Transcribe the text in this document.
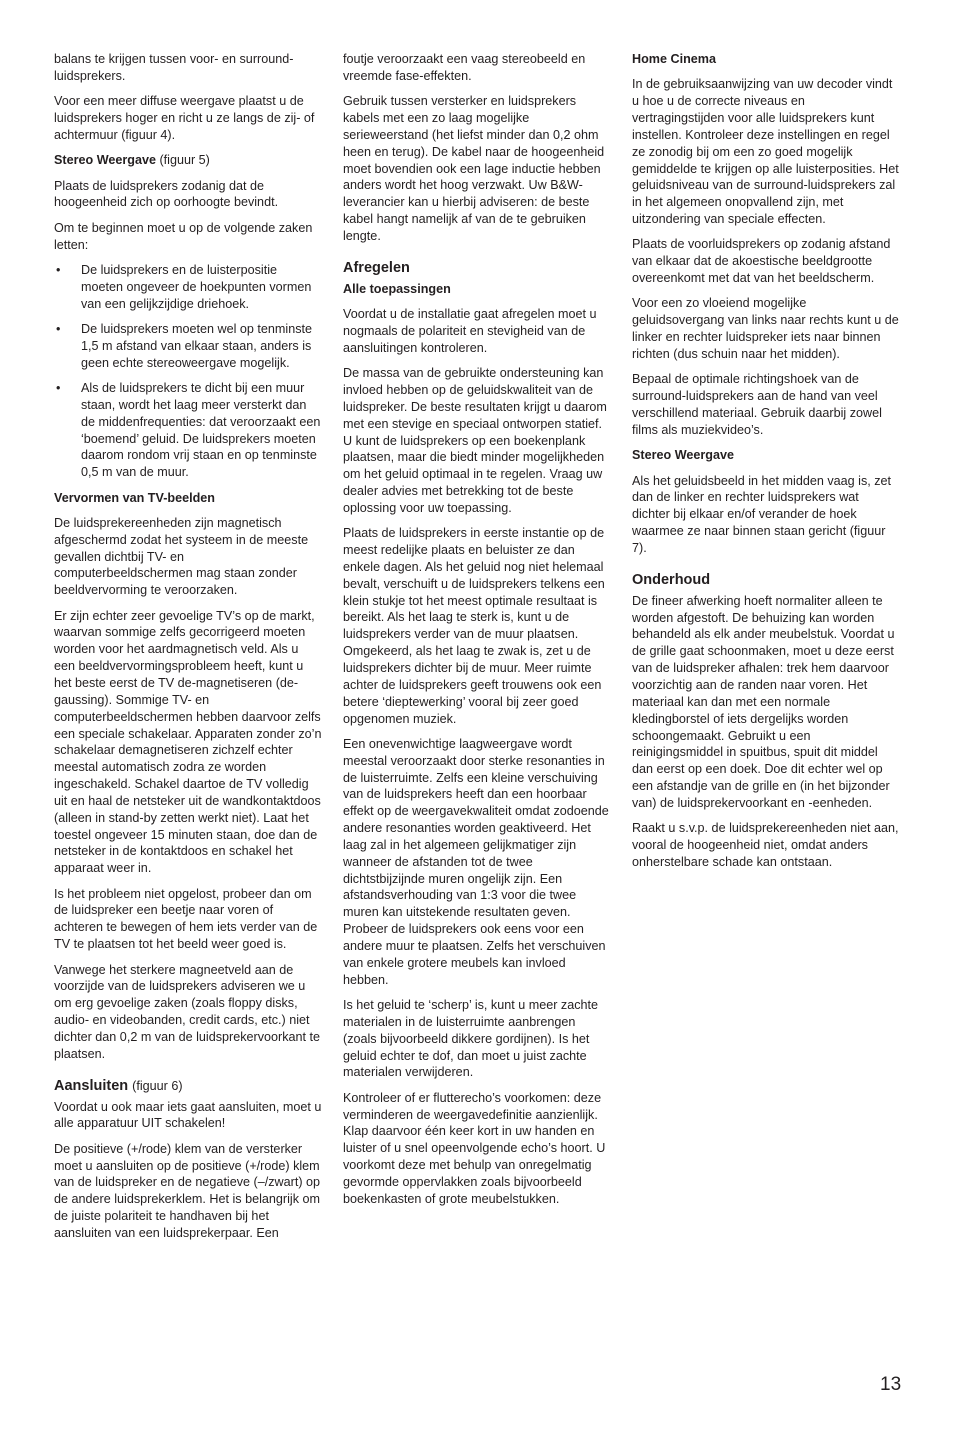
balans te krijgen tussen voor- en surround-luidsprekers.

Voor een meer diffuse weergave plaatst u de luidsprekers hoger en richt u ze langs de zij- of achtermuur (figuur 4).

Stereo Weergave (figuur 5)

Plaats de luidsprekers zodanig dat de hoogeenheid zich op oorhoogte bevindt.

Om te beginnen moet u op de volgende zaken letten:

• De luidsprekers en de luisterpositie moeten ongeveer de hoekpunten vormen van een gelijkzijdige driehoek.
• De luidsprekers moeten wel op tenminste 1,5 m afstand van elkaar staan, anders is geen echte stereoweergave mogelijk.
• Als de luidsprekers te dicht bij een muur staan, wordt het laag meer versterkt dan de middenfrequenties: dat veroorzaakt een ‘boemend’ geluid. De luidsprekers moeten daarom rondom vrij staan en op tenminste 0,5 m van de muur.
Vervormen van TV-beelden

De luidsprekereenheden zijn magnetisch afgeschermd zodat het systeem in de meeste gevallen dichtbij TV- en computerbeeldschermen mag staan zonder beeldvervorming te veroorzaken.

Er zijn echter zeer gevoelige TV’s op de markt, waarvan sommige zelfs gecorrigeerd moeten worden voor het aardmagnetisch veld. Als u een beeldvervormingsprobleem heeft, kunt u het beste eerst de TV de-magnetiseren (de-gaussing). Sommige TV- en computerbeeldschermen hebben daarvoor zelfs een speciale schakelaar. Apparaten zonder zo’n schakelaar demagnetiseren zichzelf echter meestal automatisch zodra ze worden ingeschakeld. Schakel daartoe de TV volledig uit en haal de netsteker uit de wandkontaktdoos (alleen in stand-by zetten werkt niet). Laat het toestel ongeveer 15 minuten staan, doe dan de netsteker in de kontaktdoos en schakel het apparaat weer in.

Is het probleem niet opgelost, probeer dan om de luidspreker een beetje naar voren of achteren te bewegen of hem iets verder van de TV te plaatsen tot het beeld weer goed is.

Vanwege het sterkere magneetveld aan de voorzijde van de luidsprekers adviseren we u om erg gevoelige zaken (zoals floppy disks, audio- en videobanden, credit cards, etc.) niet dichter dan 0,2 m van de luidsprekervoorkant te plaatsen.

Aansluiten (figuur 6)

Voordat u ook maar iets gaat aansluiten, moet u alle apparatuur UIT schakelen!

De positieve (+/rode) klem van de versterker moet u aansluiten op de positieve (+/rode) klem van de luidspreker en de negatieve (–/zwart) op de andere luidsprekerklem. Het is belangrijk om de juiste polariteit te handhaven bij het aansluiten van een luidsprekerpaar. Een

foutje veroorzaakt een vaag stereobeeld en vreemde fase-effekten.

Gebruik tussen versterker en luidsprekers kabels met een zo laag mogelijke serieweerstand (het liefst minder dan 0,2 ohm heen en terug). De kabel naar de hoogeenheid moet bovendien ook een lage inductie hebben anders wordt het hoog verzwakt. Uw B&W-leverancier kan u hierbij adviseren: de beste kabel hangt namelijk af van de te gebruiken lengte.

Afregelen
Alle toepassingen

Voordat u de installatie gaat afregelen moet u nogmaals de polariteit en stevigheid van de aansluitingen kontroleren.

De massa van de gebruikte ondersteuning kan invloed hebben op de geluidskwaliteit van de luidspreker. De beste resultaten krijgt u daarom met een stevige en speciaal ontworpen statief. U kunt de luidsprekers op een boekenplank plaatsen, maar die biedt minder mogelijkheden om het geluid optimaal in te regelen. Vraag uw dealer advies met betrekking tot de beste oplossing voor uw toepassing.

Plaats de luidsprekers in eerste instantie op de meest redelijke plaats en beluister ze dan enkele dagen. Als het geluid nog niet helemaal bevalt, verschuift u de luidsprekers telkens een klein stukje tot het meest optimale resultaat is bereikt. Als het laag te sterk is, kunt u de luidsprekers verder van de muur plaatsen. Omgekeerd, als het laag te zwak is, zet u de luidsprekers dichter bij de muur. Meer ruimte achter de luidsprekers geeft trouwens ook een betere ‘dieptewerking’ vooral bij zeer goed opgenomen muziek.

Een onevenwichtige laagweergave wordt meestal veroorzaakt door sterke resonanties in de luisterruimte. Zelfs een kleine verschuiving van de luidsprekers heeft dan een hoorbaar effekt op de weergavekwaliteit omdat zodoende andere resonanties worden geaktiveerd. Het laag zal in het algemeen gelijkmatiger zijn wanneer de afstanden tot de twee dichtstbijzijnde muren ongelijk zijn. Een afstandsverhouding van 1:3 voor die twee muren kan uitstekende resultaten geven. Probeer de luidsprekers ook eens voor een andere muur te plaatsen. Zelfs het verschuiven van enkele grotere meubels kan invloed hebben.

Is het geluid te ‘scherp’ is, kunt u meer zachte materialen in de luisterruimte aanbrengen (zoals bijvoorbeeld dikkere gordijnen). Is het geluid echter te dof, dan moet u juist zachte materialen verwijderen.

Kontroleer of er flutterecho’s voorkomen: deze verminderen de weergavedefinitie aanzienlijk. Klap daarvoor één keer kort in uw handen en luister of u snel opeenvolgende echo’s hoort. U voorkomt deze met behulp van onregelmatig gevormde oppervlakken zoals bijvoorbeeld boekenkasten of grote meubelstukken.

Home Cinema

In de gebruiksaanwijzing van uw decoder vindt u hoe u de correcte niveaus en vertragingstijden voor alle luidsprekers kunt instellen. Kontroleer deze instellingen en regel ze zonodig bij om een zo goed mogelijk gemiddelde te krijgen op alle luisterposities. Het geluidsniveau van de surround-luidsprekers zal in het algemeen onopvallend zijn, met uitzondering van speciale effecten.

Plaats de voorluidsprekers op zodanig afstand van elkaar dat de akoestische beeldgrootte overeenkomt met dat van het beeldscherm.

Voor een zo vloeiend mogelijke geluidsovergang van links naar rechts kunt u de linker en rechter luidspreker iets naar binnen richten (dus schuin naar het midden).

Bepaal de optimale richtingshoek van de surround-luidsprekers aan de hand van veel verschillend materiaal. Gebruik daarbij zowel films als muziekvideo’s.

Stereo Weergave

Als het geluidsbeeld in het midden vaag is, zet dan de linker en rechter luidsprekers wat dichter bij elkaar en/of verander de hoek waarmee ze naar binnen staan gericht (figuur 7).

Onderhoud

De fineer afwerking hoeft normaliter alleen te worden afgestoft. De behuizing kan worden behandeld als elk ander meubelstuk. Voordat u de grille gaat schoonmaken, moet u deze eerst van de luidspreker afhalen: trek hem daarvoor voorzichtig aan de randen naar voren. Het materiaal kan dan met een normale kledingborstel of iets dergelijks worden schoongemaakt. Gebruikt u een reinigingsmiddel in spuitbus, spuit dit middel dan eerst op een doek. Doe dit echter wel op een afstandje van de grille en (in het bijzonder van) de luidsprekervoorkant en -eenheden.

Raakt u s.v.p. de luidsprekereenheden niet aan, vooral de hoogeenheid niet, omdat anders onherstelbare schade kan ontstaan.

13
